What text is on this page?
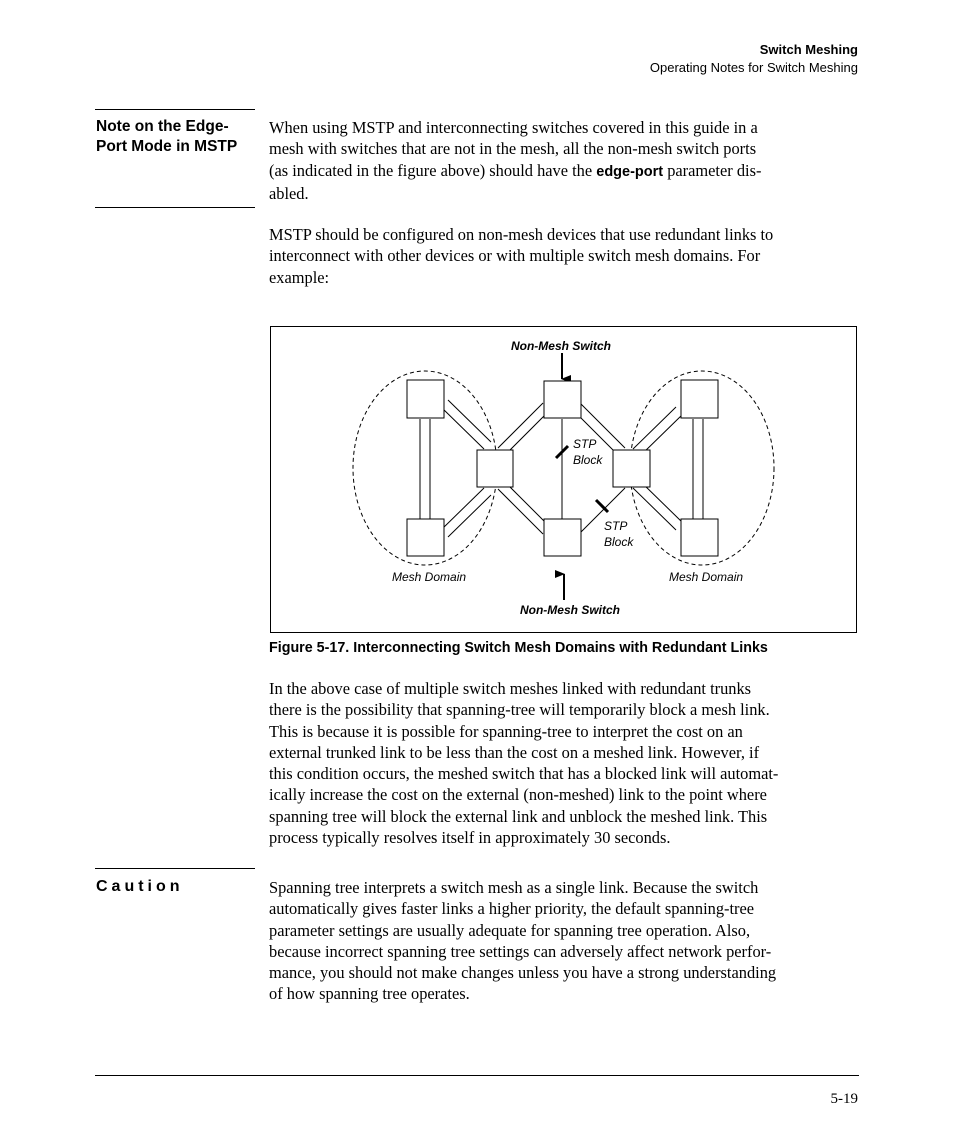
Switch Meshing
Operating Notes for Switch Meshing
Note on the Edge-
Port Mode in MSTP
When using MSTP and interconnecting switches covered in this guide in a
mesh with switches that are not in the mesh, all the non-mesh switch ports
(as indicated in the figure above) should have the edge-port parameter dis-
abled.
MSTP should be configured on non-mesh devices that use redundant links to
interconnect with other devices or with multiple switch mesh domains. For
example:
Non-Mesh Switch
Non-Mesh Switch
STP
Block
STP
Block
Mesh Domain	Mesh Domain
Figure 5-17. Interconnecting Switch Mesh Domains with Redundant Links
In the above case of multiple switch meshes linked with redundant trunks
there is the possibility that spanning-tree will temporarily block a mesh link.
This is because it is possible for spanning-tree to interpret the cost on an
external trunked link to be less than the cost on a meshed link. However, if
this condition occurs, the meshed switch that has a blocked link will automat-
ically increase the cost on the external (non-meshed) link to the point where
spanning tree will block the external link and unblock the meshed link. This
process typically resolves itself in approximately 30 seconds.
Caution	Spanning tree interprets a switch mesh as a single link. Because the switch
automatically gives faster links a higher priority, the default spanning-tree
parameter settings are usually adequate for spanning tree operation. Also,
because incorrect spanning tree settings can adversely affect network perfor-
mance, you should not make changes unless you have a strong understanding
of how spanning tree operates.
5-19
